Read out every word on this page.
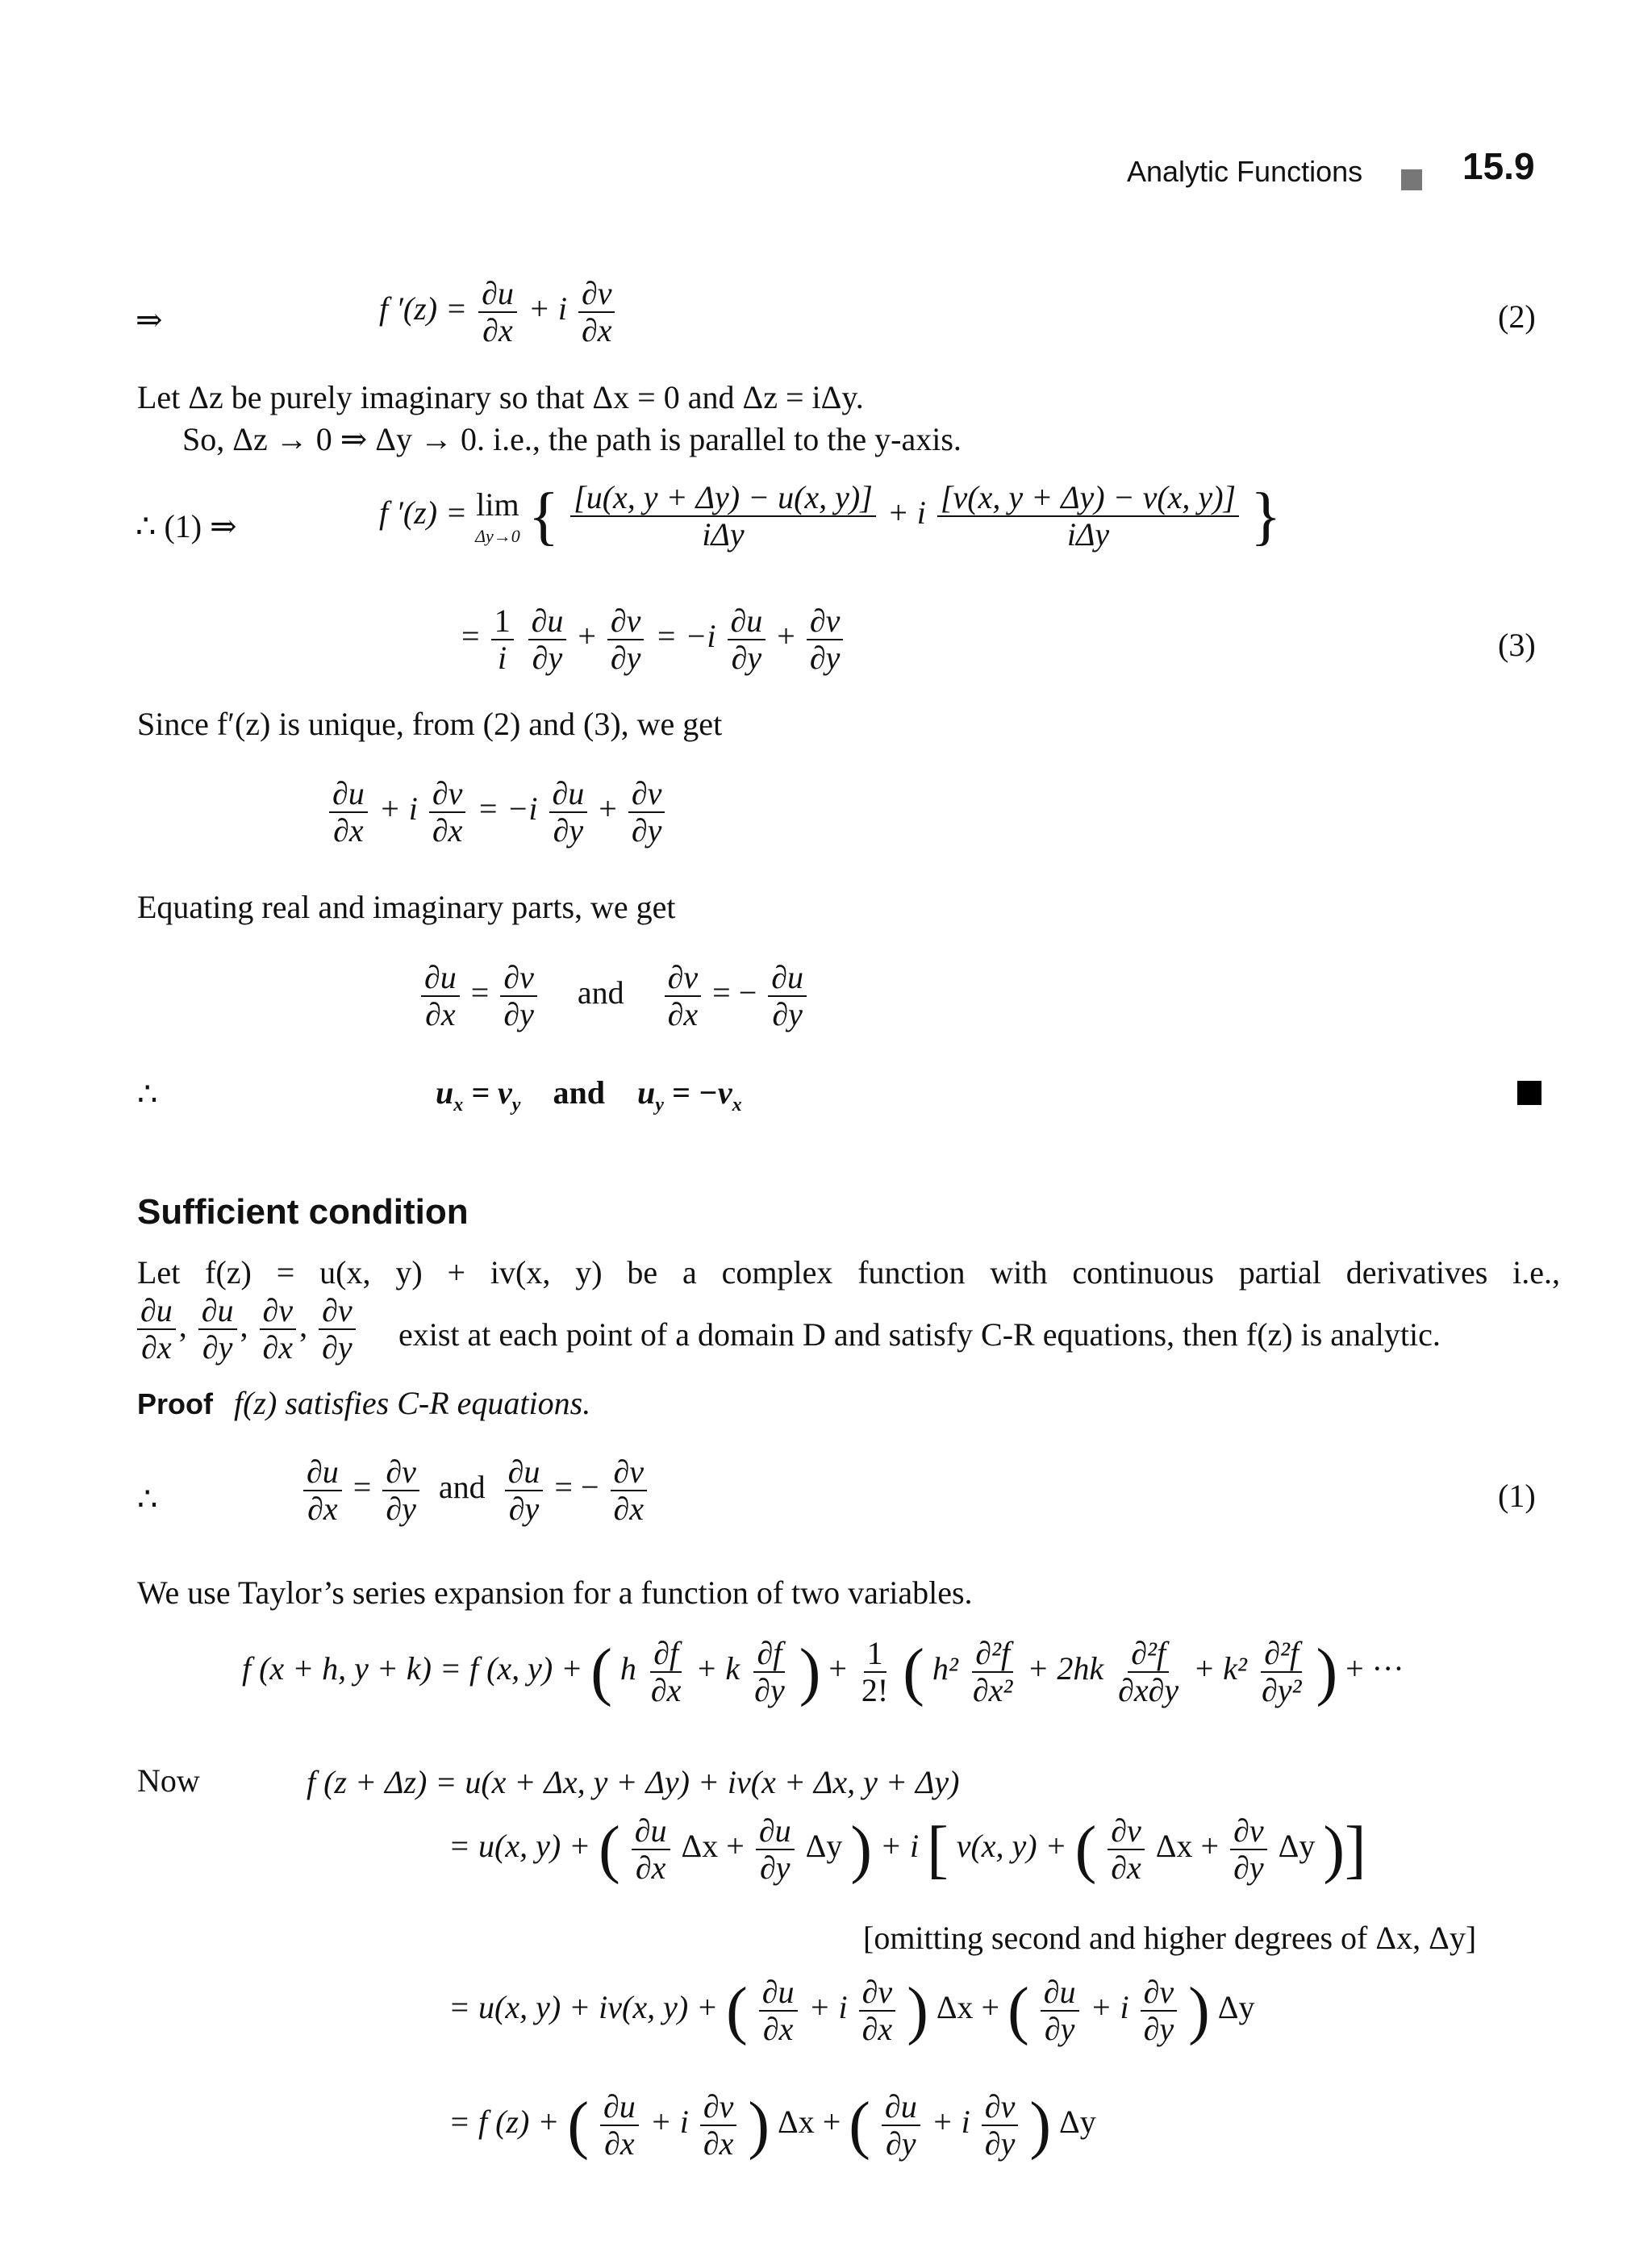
Analytic Functions	15.9
⇒	f $'(z) = \frac{\partial u}{\partial x} + i \frac{\partial v}{\partial x}$	(2)
Let Δz be purely imaginary so that Δx = 0 and Δz = iΔy.
So, Δz → 0 ⇒ Δy → 0. i.e., the path is parallel to the y-axis.
∴ (1) ⇒	f ′(z) = lim
Δy→0 { $\frac{[u(x, y + \Delta y) - u(x, y)]}{\text{iΔy}} + i \frac{[v(x, y + \Delta y) - v(x, y)]}{\text{iΔy}}$ }
= $\frac{1}{i}$
$\frac{\partial u}{\partial y} + \frac{\partial v}{\partial y} = -i \frac{\partial u}{\partial y} + \frac{\partial v}{\partial y}$	(3)
Since f′(z) is unique, from (2) and (3), we get
$\frac{\partial u}{\partial x} + i \frac{\partial v}{\partial x} = -i \frac{\partial u}{\partial y} + \frac{\partial v}{\partial y}$
Equating real and imaginary parts, we get
$\frac{\partial u}{\partial x} = \frac{\partial v}{\partial y}$ and $\frac{\partial v}{\partial x}$ = − $\frac{\partial u}{\partial y}$
∴	$u_x = v_y$ and $u_y = -v_x$
Sufficient condition
Let f(z) = u(x, y) + iv(x, y) be a complex function with continuous partial derivatives i.e.,
$\frac{\partial u}{\partial x}$ , $\frac{\partial u}{\partial y}$ , $\frac{\partial v}{\partial x}$ , $\frac{\partial v}{\partial y}$ exist at each point of a domain D and satisfy C-R equations, then f(z) is analytic.
Proof f(z) satisfies C-R equations.
∴	$\frac{\partial u}{\partial x} = \frac{\partial v}{\partial y}$ and $\frac{\partial u}{\partial y}$ = − $\frac{\partial v}{\partial x}$	(1)
We use Taylor’s series expansion for a function of two variables.
f (x + h, y + k) = f (x, y) + ( h $\frac{\partial f}{\partial x} + k \frac{\partial f}{\partial y}$ ) + $\frac{1}{2!}$ ( $h^2 \frac{\text{∂²f}}{\text{∂x²}} + 2hk \frac{\text{∂²f}}{\partial x\partial y} + k^2 \frac{\text{∂²f}}{\text{∂y²}}$ ) + ···
Now	f (z + Δz) = u(x + Δx, y + Δy) + iv(x + Δx, y + Δy)
= u(x, y) + ( $\frac{\partial u}{\partial x}$ $\Delta x + \frac{\partial u}{\partial y}$ Δy ) + i [ v(x, y) + ( $\frac{\partial v}{\partial x}$ $\Delta x + \frac{\partial v}{\partial y}$ Δy )]
[omitting second and higher degrees of Δx, Δy]
= u(x, y) + iv(x, y) + ( $\frac{\partial u}{\partial x} + i \frac{\partial v}{\partial x}$ ) Δx + ( $\frac{\partial u}{\partial y} + i \frac{\partial v}{\partial y}$ ) Δy
= f (z) + ( $\frac{\partial u}{\partial x} + i \frac{\partial v}{\partial x}$ ) Δx + ( $\frac{\partial u}{\partial y} + i \frac{\partial v}{\partial y}$ ) Δy
